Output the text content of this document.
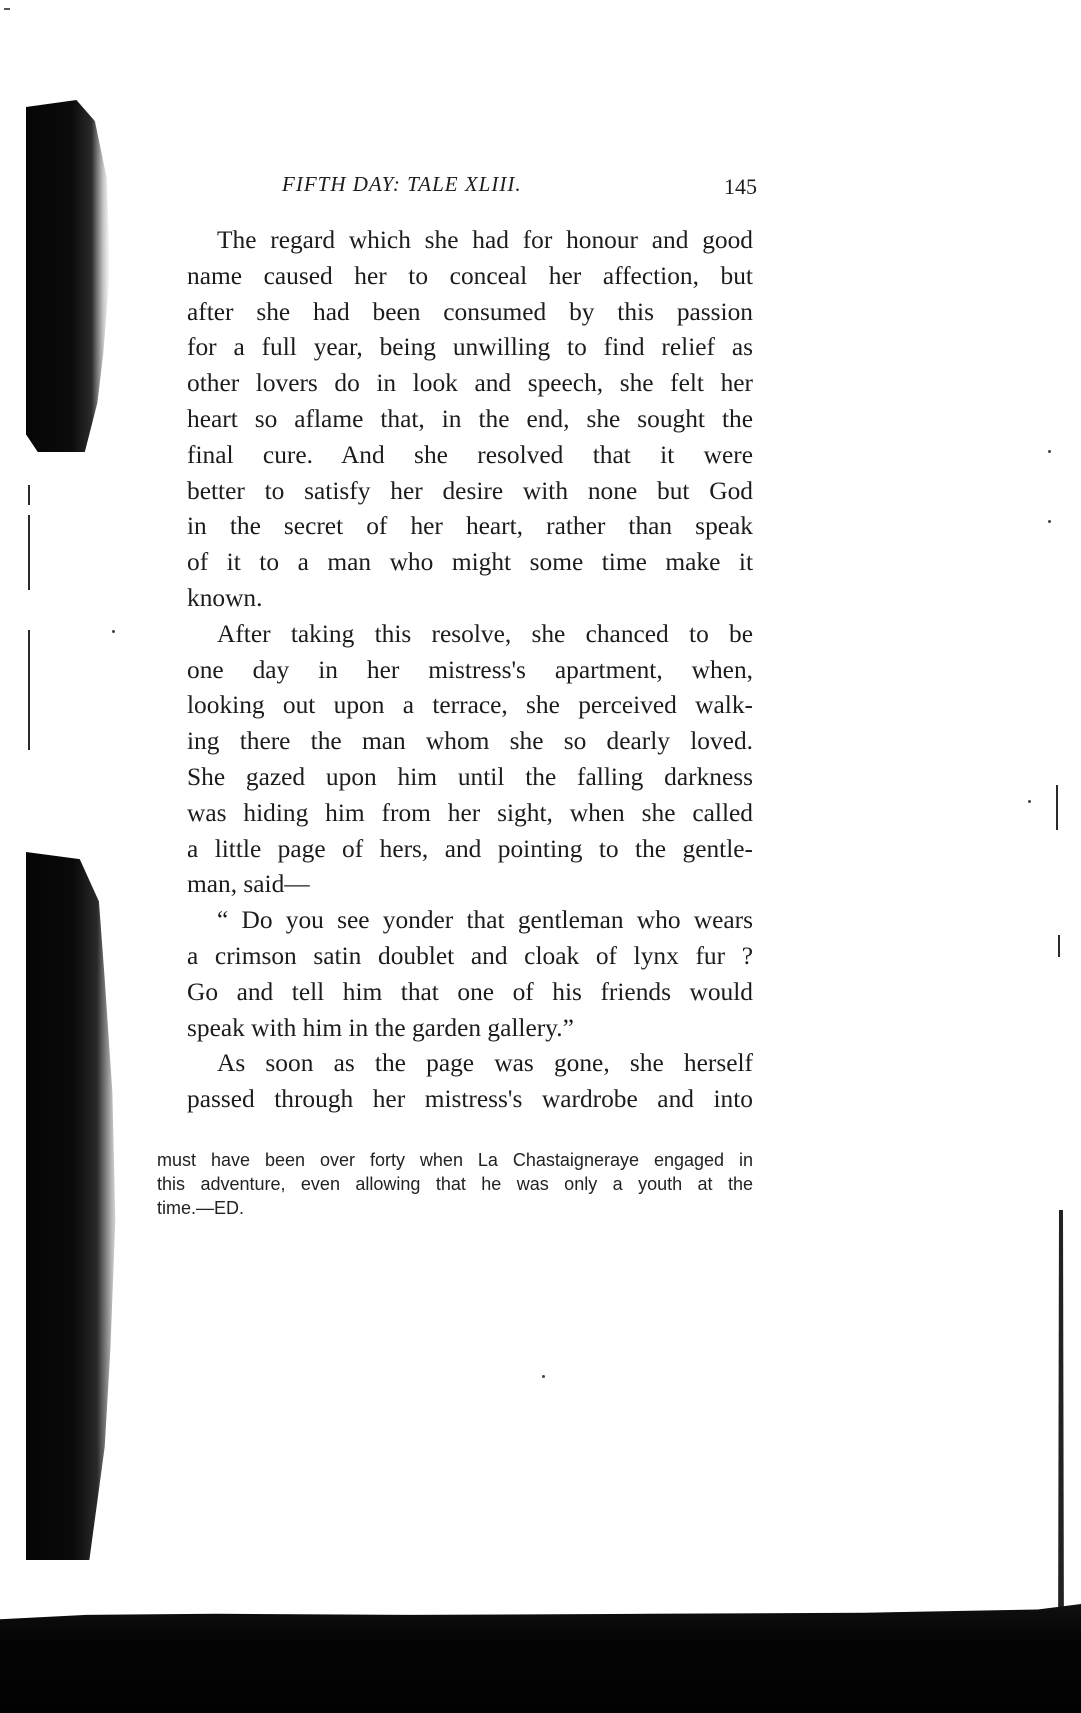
FIFTH DAY: TALE XLIII.	145
The regard which she had for honour and good
name caused her to conceal her affection, but
after she had been consumed by this passion
for a full year, being unwilling to find relief as
other lovers do in look and speech, she felt her
heart so aflame that, in the end, she sought the
final cure. And she resolved that it were
better to satisfy her desire with none but God
in the secret of her heart, rather than speak
of it to a man who might some time make it
known.
After taking this resolve, she chanced to be
one day in her mistress's apartment, when,
looking out upon a terrace, she perceived walk-
ing there the man whom she so dearly loved.
She gazed upon him until the falling darkness
was hiding him from her sight, when she called
a little page of hers, and pointing to the gentle-
man, said—
“ Do you see yonder that gentleman who wears
a crimson satin doublet and cloak of lynx fur ?
Go and tell him that one of his friends would
speak with him in the garden gallery.”
As soon as the page was gone, she herself
passed through her mistress's wardrobe and into
must have been over forty when La Chastaigneraye engaged in
this adventure, even allowing that he was only a youth at the
time.—ED.
